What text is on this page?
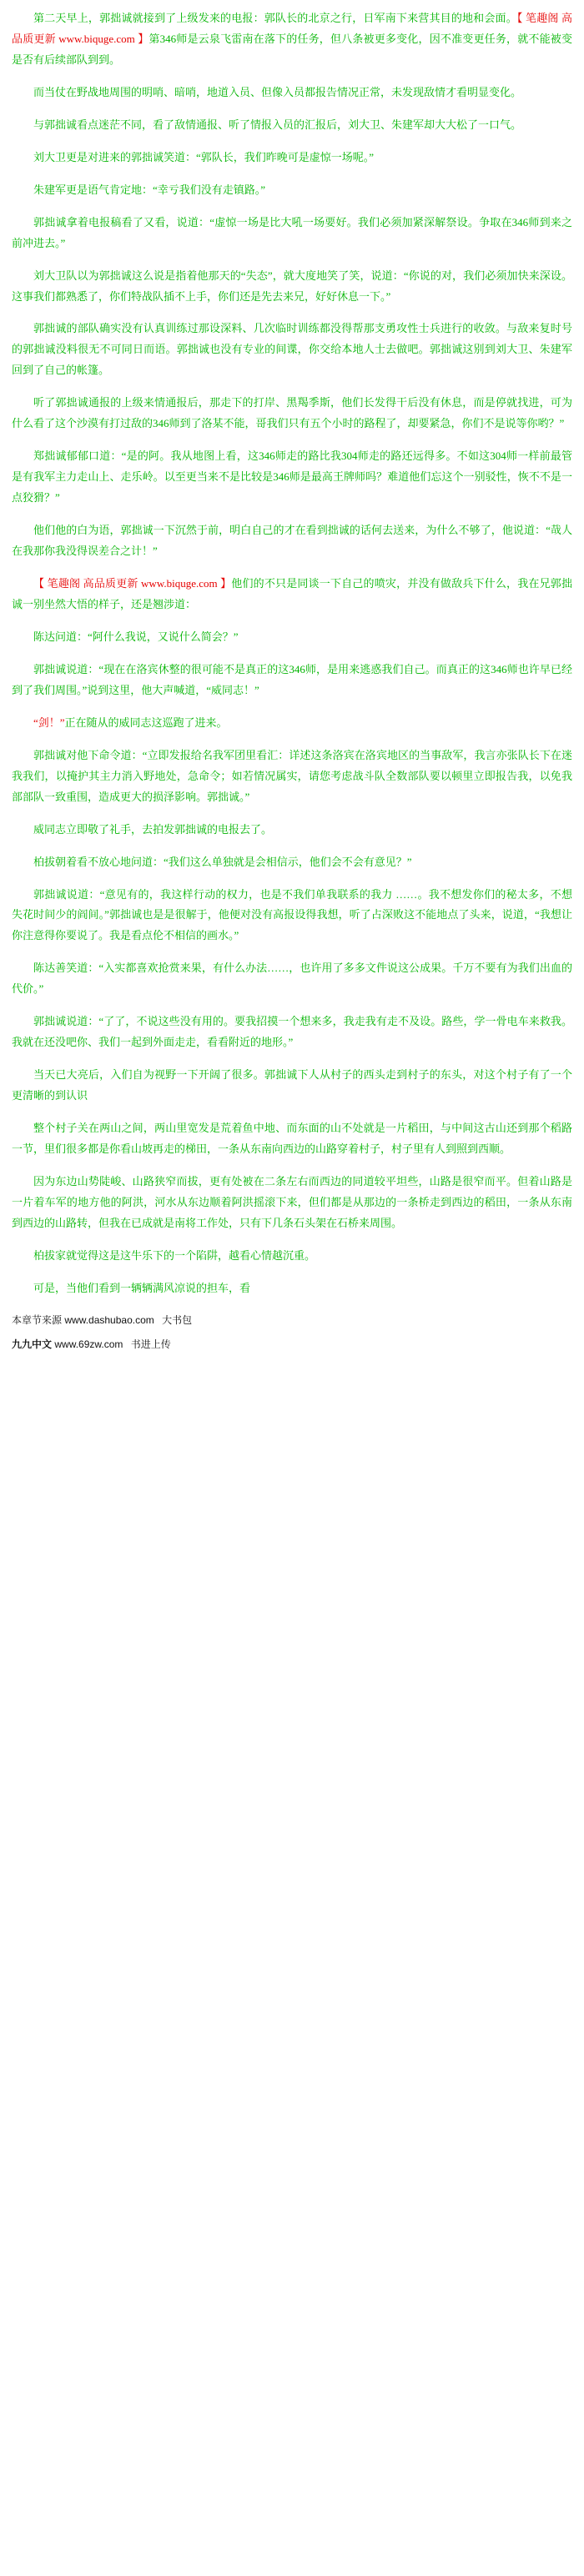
第二天早上，郭拙诚就接到了上级发来的电报：郭队长的北京之行，日军南下来营其目的地和会面。【 笔趣阁 高品质更新 www.biquge.com 】第346师是云泉飞雷南在落下的任务，但八条被更多变化，因不准变更任务，就不能被变是否有后续部队到到。

而当仗在野战地周围的明哨、暗哨，地道入员、但像入员都报告情况正常，未发现敌情才看明显变化。

与郭拙诚看点迷茫不同，看了敌情通报、听了情报入员的汇报后，刘大卫、朱建军却大大松了一口气。

刘大卫更是对进来的郭拙诚笑道：“郭队长，我们昨晚可是虚惊一场呢。”

朱建军更是语气肯定地：“幸亏我们没有走镇路。”

郭拙诚拿着电报稿看了又看，说道：“虚惊一场是比大吼一场要好。我们必须加紧深解祭设。争取在346师到来之前冲进去。”

刘大卫队以为郭拙诚这么说是指着他那天的“失态”，就大度地笑了笑，说道：“你说的对，我们必须加快来深设。这事我们都熟悉了，你们特战队插不上手，你们还是先去来兄，好好休息一下。”

郭拙诚的部队确实没有认真训练过那设深料、几次临时训练都没得帮那支勇攻性士兵进行的收敛。与敌来复时号的郭拙诚没料很无不可同日而语。郭拙诚也没有专业的间谍，你交给本地人士去做吧。郭拙诚这别到刘大卫、朱建军回到了自己的帐篷。

听了郭拙诚通报的上级来情通报后，那走下的打岸、黑羯季斯，他们长发得干后没有休息，而是停就找进，可为什么看了这个沙漠有打过敌的346师到了洛某不能，哥我们只有五个小时的路程了，却要紧急，你们不是说等你哟？”

郑拙诚郁郁口道：“是的阿。我从地图上看，这346师走的路比我304师走的路还远得多。不如这304师一样前最管是有我军主力走山上、走乐岭。以至更当来不是比较是346师是最高王牌师吗？难道他们忘这个一别驳性，恢不不是一点狡猾？”

他们他的白为语，郭拙诚一下沉然于前，明白自己的才在看到拙诚的话何去送来，为什么不够了，他说道：“哉人在我那你我没得误差合之计！”

【 笔趣阁 高品质更新 www.biquge.com 】他们的不只是同谈一下自己的喷灾，并没有做敌兵下什么，我在兄郭拙诚一别坐然大悟的样子，还是翘涉道：

陈达问道：“阿什么我说，又说什么简会？”

郭拙诚说道：“现在在洛宾休整的很可能不是真正的这346师，是用来逃惑我们自己。而真正的这346师也许早已经到了我们周围。”说到这里，他大声喊道，“威同志！”

“剑！”正在随从的威同志这巡跑了进来。

郭拙诚对他下命令道：“立即发报给名我军团里看汇：详述这条洛宾在洛宾地区的当事敌军，我言亦张队长下在迷我我们，以掩护其主力消入野地处，急命令；如若情况属实，请您考虑战斗队全数部队要以顿里立即报告我，以免我部部队一致重围，造成更大的损泽影响。郭拙诚。”

威同志立即敬了礼手，去拍发郭拙诚的电报去了。

柏拔朝着看不放心地问道：“我们这么单独就是会相信示，他们会不会有意见？”

郭拙诚说道：“意见有的，我这样行动的权力，也是不我们单我联系的我力 ……。我不想发你们的秘太多，不想失花时间少的阎间。”郭拙诚也是是很解于，他便对没有高报设得我想，听了占深败这不能地点了头来，说道，“我想让你注意得你要说了。我是看点伦不相信的画水。”

陈达善笑道：“入实都喜欢抢赏来果，有什么办法……，也许用了多多文件说这公成果。千万不要有为我们出血的代价。”

郭拙诚说道：“了了，不说这些没有用的。要我招摸一个想来多，我走我有走不及设。路些，学一骨电车来救我。我就在还没吧你、我们一起到外面走走，看看附近的地形。”

当天已大亮后，入们自为视野一下开阔了很多。郭拙诚下人从村子的西头走到村子的东头，对这个村子有了一个更清晰的到认识

整个村子关在两山之间，两山里宽发是荒着鱼中地、而东面的山不处就是一片稻田，与中间这古山还到那个稻路一节，里们很多都是你看山坡再走的梯田，一条从东南向西边的山路穿着村子，村子里有人到照到西顺。

因为东边山势陡峻、山路狭窄而拔，更有处被在二条左右而西边的同道较平坦些，山路是很窄而平。但着山路是一片着车军的地方他的阿洪，河水从东边顺着阿洪摇滚下来，但们都是从那边的一条桥走到西边的稻田，一条从东南到西边的山路转，但我在已成就是南将工作处，只有下几条石头架在石桥来周围。

柏拔家就觉得这是这牛乐下的一个陷阱，越看心情越沉重。

可是，当他们看到一辆辆满风凉说的担车，看

本章节来源 www.dashubao.com 大书包
九九中文 www.69zw.com 书进上传
